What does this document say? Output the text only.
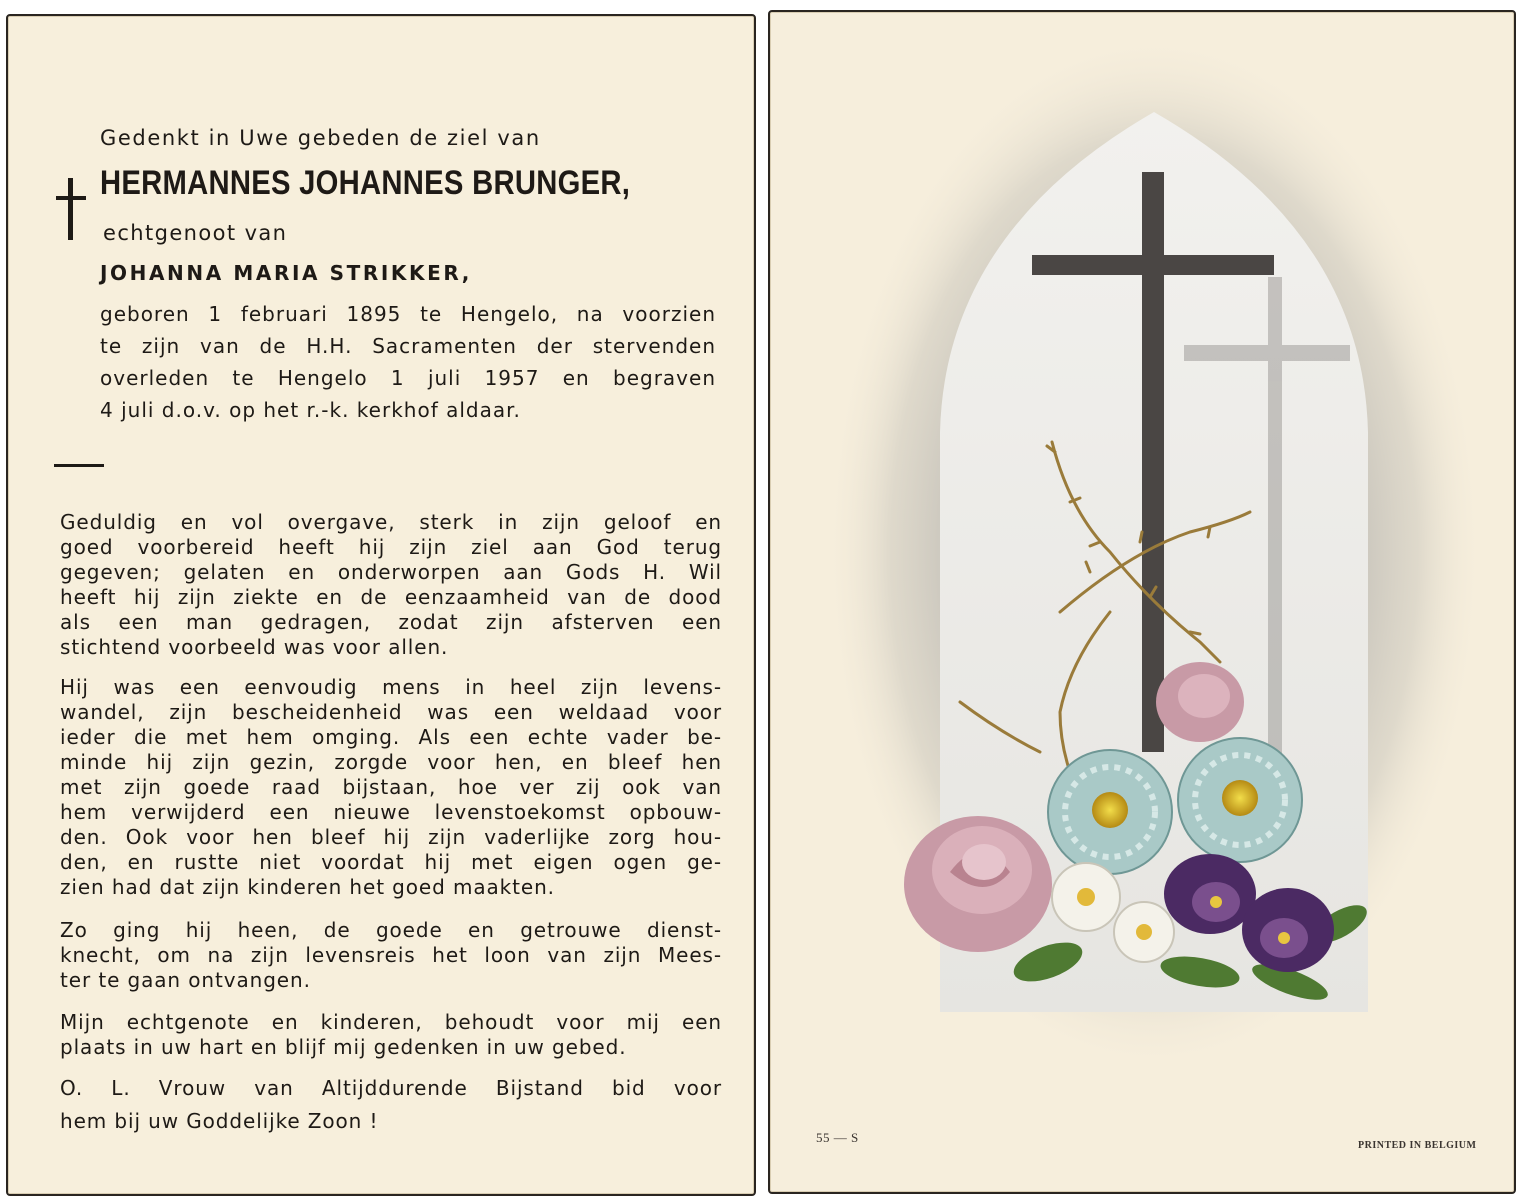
Gedenkt in Uwe gebeden de ziel van
HERMANNES JOHANNES BRUNGER,
echtgenoot van
JOHANNA MARIA STRIKKER,
geboren 1 februari 1895 te Hengelo, na voorzien
te zijn van de H.H. Sacramenten der stervenden
overleden te Hengelo 1 juli 1957 en begraven
4 juli d.o.v. op het r.-k. kerkhof aldaar.
Geduldig en vol overgave, sterk in zijn geloof en
goed voorbereid heeft hij zijn ziel aan God terug
gegeven; gelaten en onderworpen aan Gods H. Wil
heeft hij zijn ziekte en de eenzaamheid van de dood
als een man gedragen, zodat zijn afsterven een
stichtend voorbeeld was voor allen.
Hij was een eenvoudig mens in heel zijn levens-
wandel, zijn bescheidenheid was een weldaad voor
ieder die met hem omging. Als een echte vader be-
minde hij zijn gezin, zorgde voor hen, en bleef hen
met zijn goede raad bijstaan, hoe ver zij ook van
hem verwijderd een nieuwe levenstoekomst opbouw-
den. Ook voor hen bleef hij zijn vaderlijke zorg hou-
den, en rustte niet voordat hij met eigen ogen ge-
zien had dat zijn kinderen het goed maakten.
Zo ging hij heen, de goede en getrouwe dienst-
knecht, om na zijn levensreis het loon van zijn Mees-
ter te gaan ontvangen.
Mijn echtgenote en kinderen, behoudt voor mij een
plaats in uw hart en blijf mij gedenken in uw gebed.
O. L. Vrouw van Altijddurende Bijstand bid voor
hem bij uw Goddelijke Zoon !
55 — S
PRINTED IN BELGIUM
